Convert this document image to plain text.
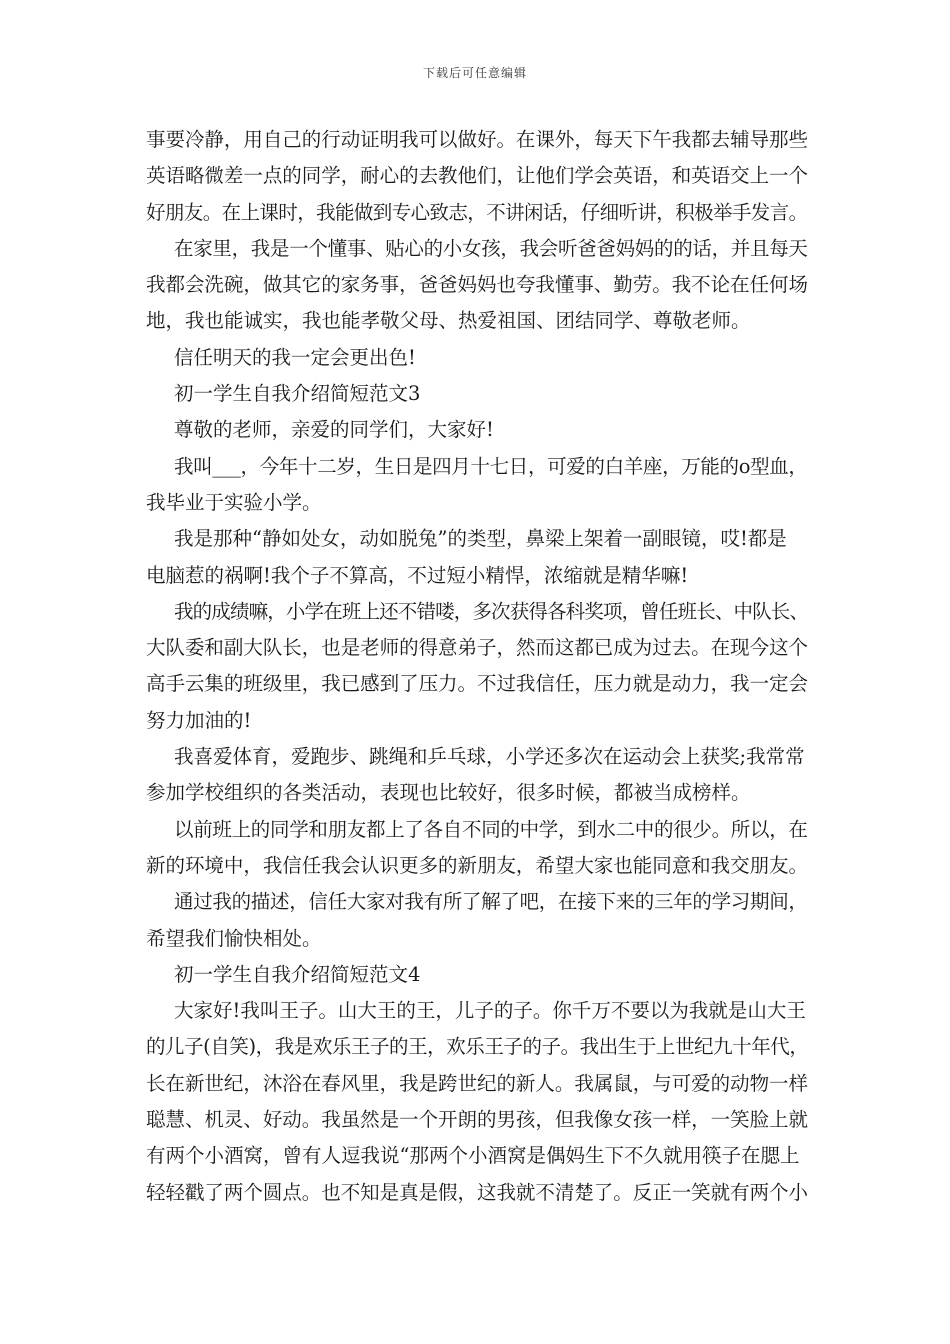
下载后可任意编辑
事要冷静，用自己的行动证明我可以做好。在课外，每天下午我都去辅导那些
英语略微差一点的同学，耐心的去教他们，让他们学会英语，和英语交上一个
好朋友。在上课时，我能做到专心致志，不讲闲话，仔细听讲，积极举手发言。
在家里，我是一个懂事、贴心的小女孩，我会听爸爸妈妈的的话，并且每天
我都会洗碗，做其它的家务事，爸爸妈妈也夸我懂事、勤劳。我不论在任何场
地，我也能诚实，我也能孝敬父母、热爱祖国、团结同学、尊敬老师。
信任明天的我一定会更出色!
初一学生自我介绍简短范文3
尊敬的老师，亲爱的同学们，大家好!
我叫___，今年十二岁，生日是四月十七日，可爱的白羊座，万能的o型血，
我毕业于实验小学。
我是那种“静如处女，动如脱兔”的类型，鼻梁上架着一副眼镜，哎!都是
电脑惹的祸啊!我个子不算高，不过短小精悍，浓缩就是精华嘛!
我的成绩嘛，小学在班上还不错喽，多次获得各科奖项，曾任班长、中队长、
大队委和副大队长，也是老师的得意弟子，然而这都已成为过去。在现今这个
高手云集的班级里，我已感到了压力。不过我信任，压力就是动力，我一定会
努力加油的!
我喜爱体育，爱跑步、跳绳和乒乓球，小学还多次在运动会上获奖;我常常
参加学校组织的各类活动，表现也比较好，很多时候，都被当成榜样。
以前班上的同学和朋友都上了各自不同的中学，到水二中的很少。所以，在
新的环境中，我信任我会认识更多的新朋友，希望大家也能同意和我交朋友。
通过我的描述，信任大家对我有所了解了吧，在接下来的三年的学习期间，
希望我们愉快相处。
初一学生自我介绍简短范文4
大家好!我叫王子。山大王的王，儿子的子。你千万不要以为我就是山大王
的儿子(自笑)，我是欢乐王子的王，欢乐王子的子。我出生于上世纪九十年代，
长在新世纪，沐浴在春风里，我是跨世纪的新人。我属鼠，与可爱的动物一样
聪慧、机灵、好动。我虽然是一个开朗的男孩，但我像女孩一样，一笑脸上就
有两个小酒窝，曾有人逗我说“那两个小酒窝是偶妈生下不久就用筷子在腮上
轻轻戳了两个圆点。也不知是真是假，这我就不清楚了。反正一笑就有两个小
